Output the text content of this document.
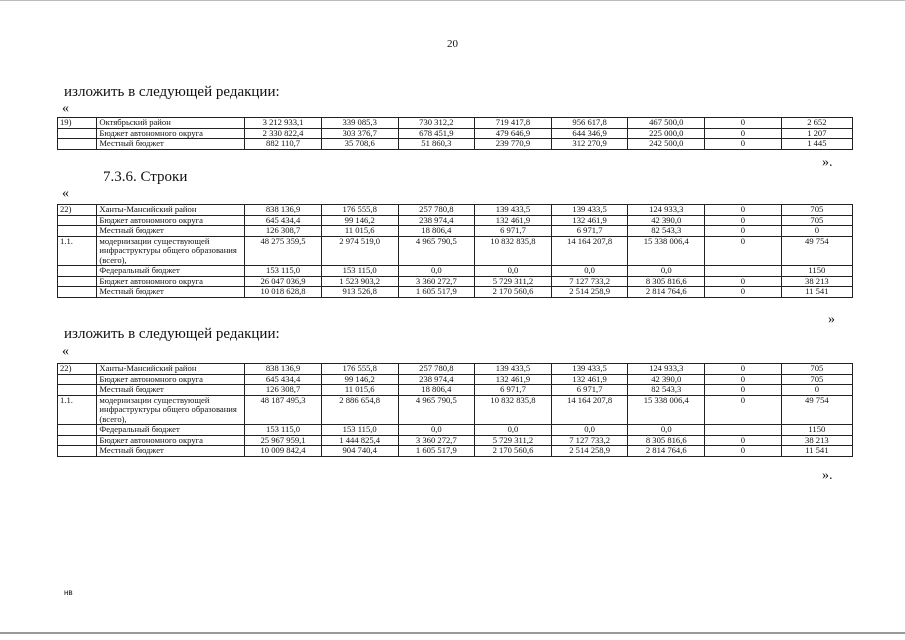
20
изложить в следующей редакции:
«
19)	Октябрьский район	3 212 933,1	339 085,3	730 312,2	719 417,8	956 617,8	467 500,0	0	2 652
	Бюджет автономного округа	2 330 822,4	303 376,7	678 451,9	479 646,9	644 346,9	225 000,0	0	1 207
	Местный бюджет	882 110,7	35 708,6	51 860,3	239 770,9	312 270,9	242 500,0	0	1 445
».
7.3.6. Строки
«
22)	Ханты-Мансийский район	838 136,9	176 555,8	257 780,8	139 433,5	139 433,5	124 933,3	0	705
	Бюджет автономного округа	645 434,4	99 146,2	238 974,4	132 461,9	132 461,9	42 390,0	0	705
	Местный бюджет	126 308,7	11 015,6	18 806,4	6 971,7	6 971,7	82 543,3	0	0
1.1.	модернизации существующей инфраструктуры общего образования (всего),	48 275 359,5	2 974 519,0	4 965 790,5	10 832 835,8	14 164 207,8	15 338 006,4	0	49 754
	Федеральный бюджет	153 115,0	153 115,0	0,0	0,0	0,0	0,0		1150
	Бюджет автономного округа	26 047 036,9	1 523 903,2	3 360 272,7	5 729 311,2	7 127 733,2	8 305 816,6	0	38 213
	Местный бюджет	10 018 628,8	913 526,8	1 605 517,9	2 170 560,6	2 514 258,9	2 814 764,6	0	11 541
»
изложить в следующей редакции:
«
22)	Ханты-Мансийский район	838 136,9	176 555,8	257 780,8	139 433,5	139 433,5	124 933,3	0	705
	Бюджет автономного округа	645 434,4	99 146,2	238 974,4	132 461,9	132 461,9	42 390,0	0	705
	Местный бюджет	126 308,7	11 015,6	18 806,4	6 971,7	6 971,7	82 543,3	0	0
1.1.	модернизации существующей инфраструктуры общего образования (всего),	48 187 495,3	2 886 654,8	4 965 790,5	10 832 835,8	14 164 207,8	15 338 006,4	0	49 754
	Федеральный бюджет	153 115,0	153 115,0	0,0	0,0	0,0	0,0		1150
	Бюджет автономного округа	25 967 959,1	1 444 825,4	3 360 272,7	5 729 311,2	7 127 733,2	8 305 816,6	0	38 213
	Местный бюджет	10 009 842,4	904 740,4	1 605 517,9	2 170 560,6	2 514 258,9	2 814 764,6	0	11 541
».
нв
